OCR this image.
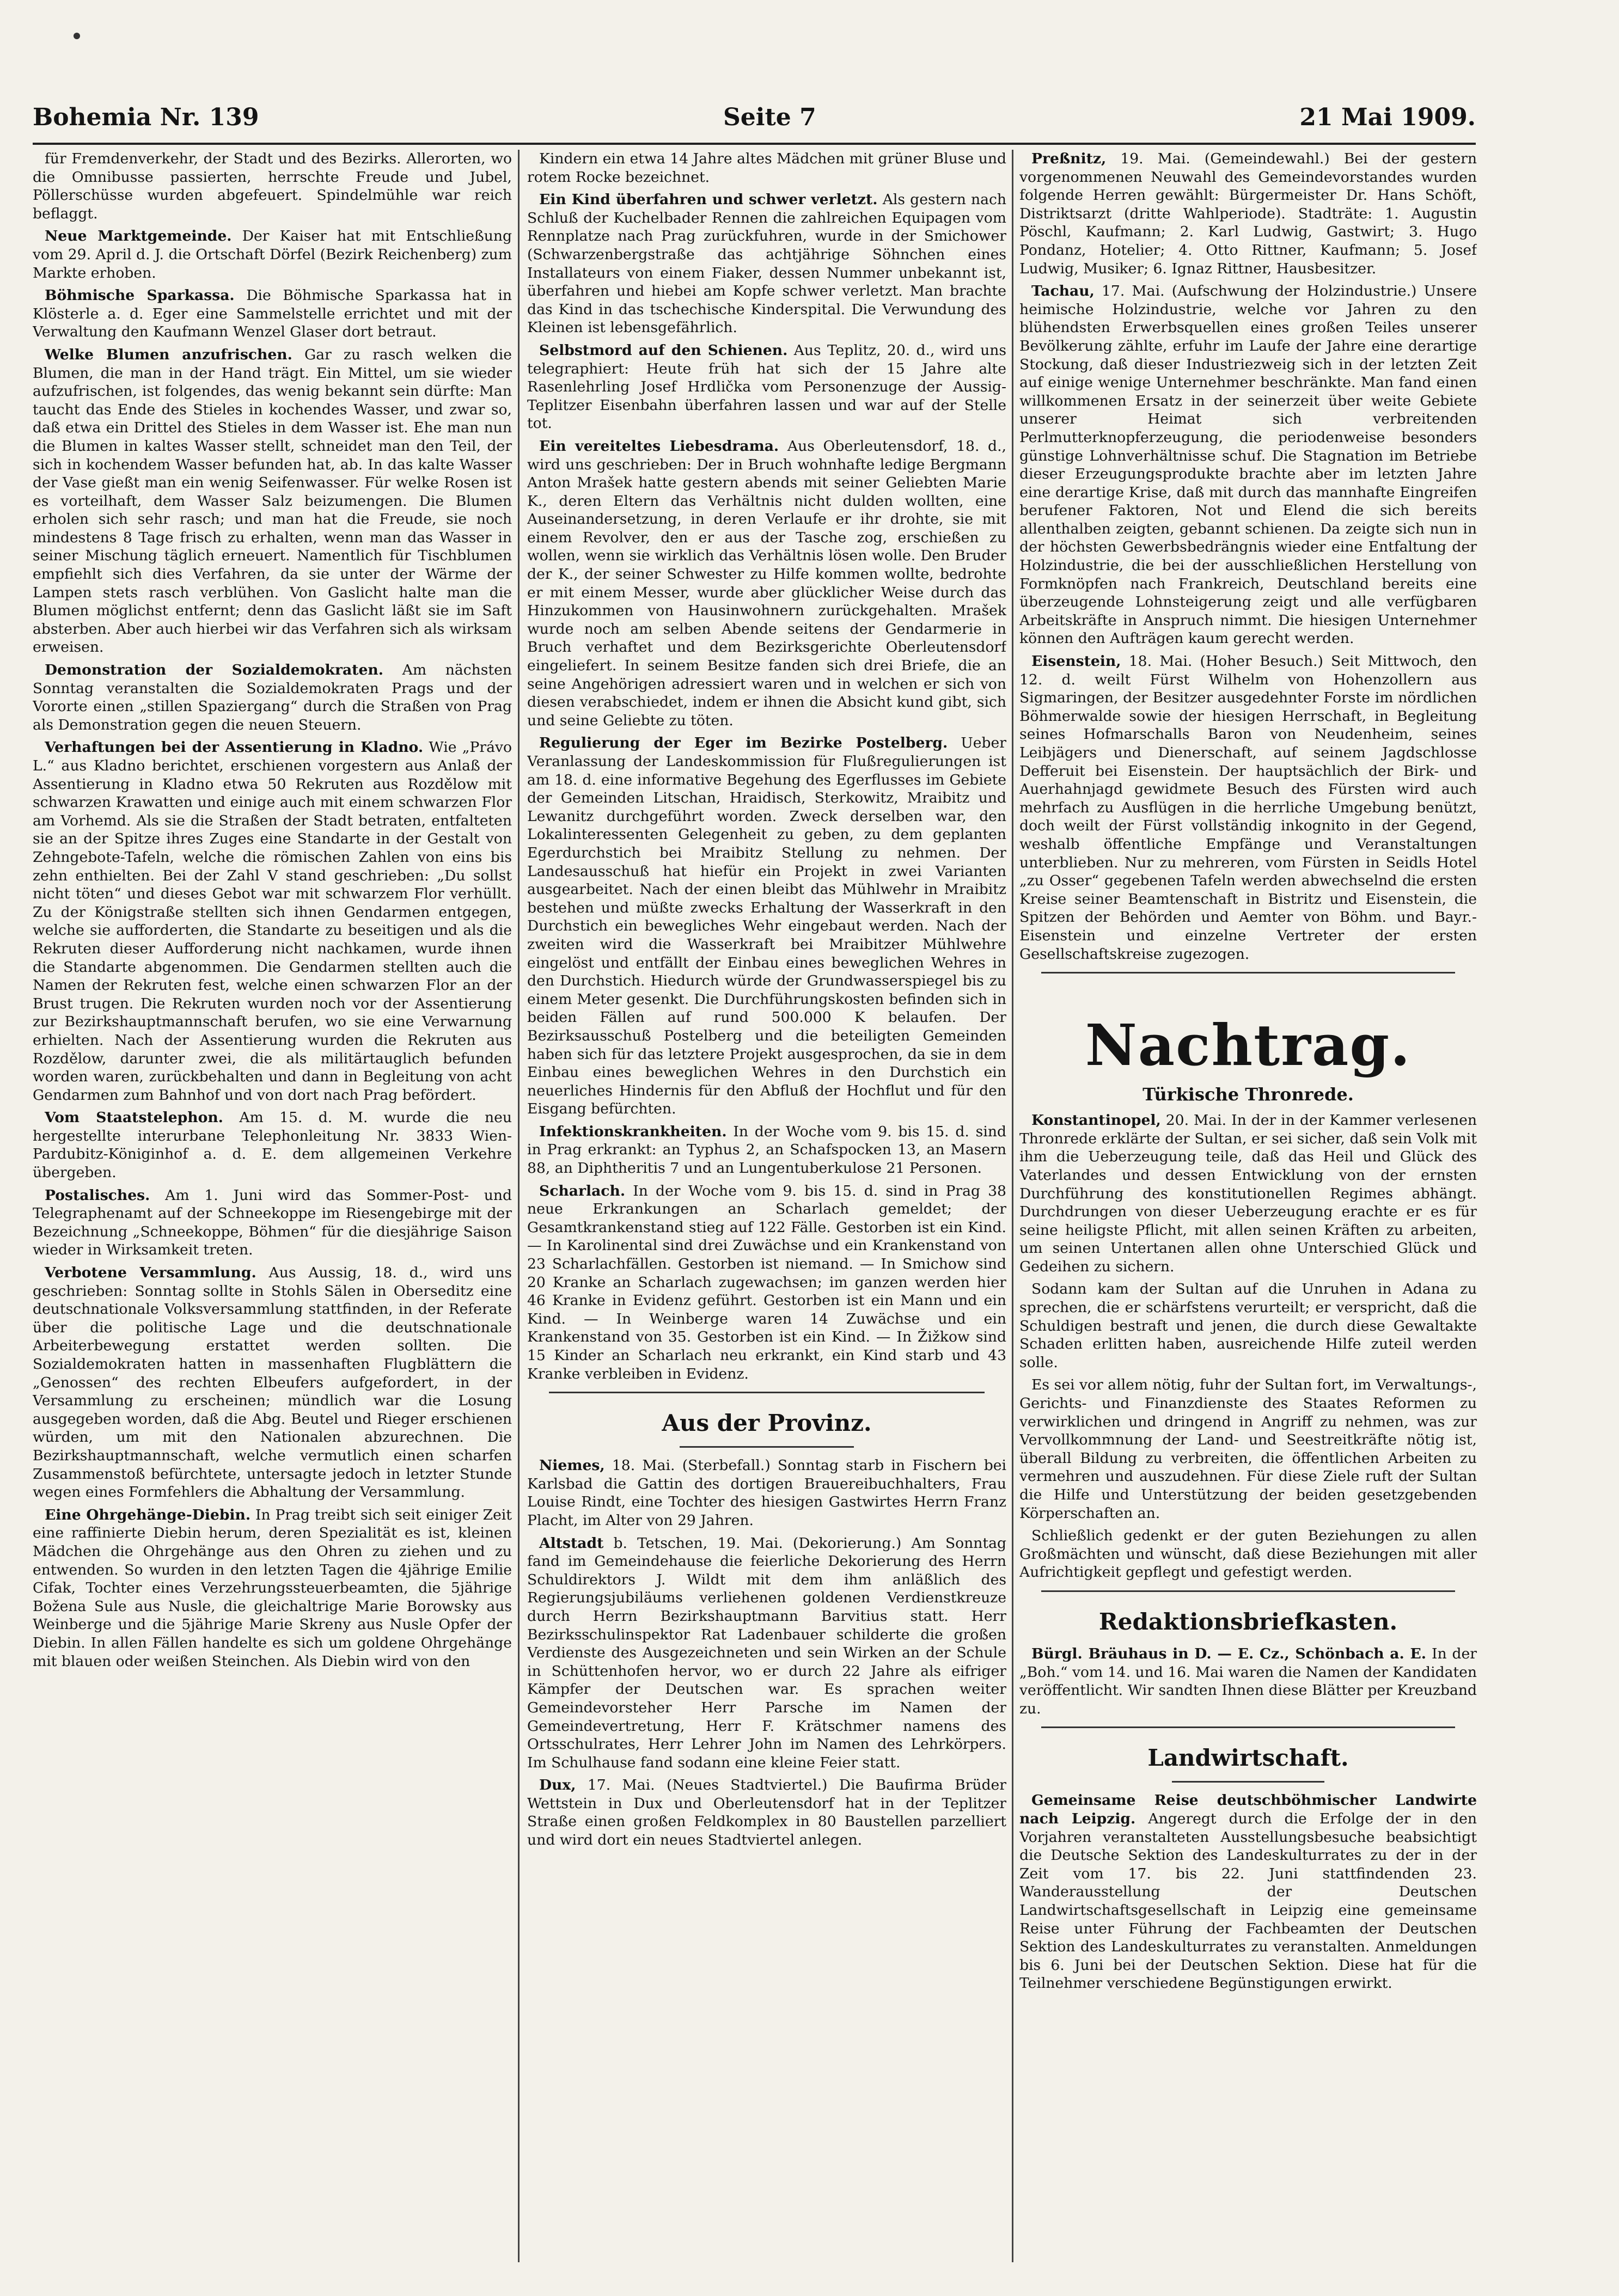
Bohemia Nr. 139	Seite 7	21 Mai 1909.

für Fremdenverkehr, der Stadt und des Bezirks. Allerorten, wo die Omnibusse passierten, herrschte Freude und Jubel, Pöllerschüsse wurden abgefeuert. Spindelmühle war reich beflaggt.

Neue Marktgemeinde. Der Kaiser hat mit Entschließung vom 29. April d. J. die Ortschaft Dörfel (Bezirk Reichenberg) zum Markte erhoben.

Böhmische Sparkassa. Die Böhmische Sparkassa hat in Klösterle a. d. Eger eine Sammelstelle errichtet und mit der Verwaltung den Kaufmann Wenzel Glaser dort betraut.

Welke Blumen anzufrischen. Gar zu rasch welken die Blumen, die man in der Hand trägt. Ein Mittel, um sie wieder aufzufrischen, ist folgendes, das wenig bekannt sein dürfte: Man taucht das Ende des Stieles in kochendes Wasser, und zwar so, daß etwa ein Drittel des Stieles in dem Wasser ist. Ehe man nun die Blumen in kaltes Wasser stellt, schneidet man den Teil, der sich in kochendem Wasser befunden hat, ab. In das kalte Wasser der Vase gießt man ein wenig Seifenwasser. Für welke Rosen ist es vorteilhaft, dem Wasser Salz beizumengen. Die Blumen erholen sich sehr rasch; und man hat die Freude, sie noch mindestens 8 Tage frisch zu erhalten, wenn man das Wasser in seiner Mischung täglich erneuert. Namentlich für Tischblumen empfiehlt sich dies Verfahren, da sie unter der Wärme der Lampen stets rasch verblühen. Von Gaslicht halte man die Blumen möglichst entfernt; denn das Gaslicht läßt sie im Saft absterben. Aber auch hierbei wir das Verfahren sich als wirksam erweisen.

Demonstration der Sozialdemokraten. Am nächsten Sonntag veranstalten die Sozialdemokraten Prags und der Vororte einen „stillen Spaziergang“ durch die Straßen von Prag als Demonstration gegen die neuen Steuern.

Verhaftungen bei der Assentierung in Kladno. Wie „Právo L.“ aus Kladno berichtet, erschienen vorgestern aus Anlaß der Assentierung in Kladno etwa 50 Rekruten aus Rozdělow mit schwarzen Krawatten und einige auch mit einem schwarzen Flor am Vorhemd. Als sie die Straßen der Stadt betraten, entfalteten sie an der Spitze ihres Zuges eine Standarte in der Gestalt von Zehngebote-Tafeln, welche die römischen Zahlen von eins bis zehn enthielten. Bei der Zahl V stand geschrieben: „Du sollst nicht töten“ und dieses Gebot war mit schwarzem Flor verhüllt. Zu der Königstraße stellten sich ihnen Gendarmen entgegen, welche sie aufforderten, die Standarte zu beseitigen und als die Rekruten dieser Aufforderung nicht nachkamen, wurde ihnen die Standarte abgenommen. Die Gendarmen stellten auch die Namen der Rekruten fest, welche einen schwarzen Flor an der Brust trugen. Die Rekruten wurden noch vor der Assentierung zur Bezirkshauptmannschaft berufen, wo sie eine Verwarnung erhielten. Nach der Assentierung wurden die Rekruten aus Rozdělow, darunter zwei, die als militärtauglich befunden worden waren, zurückbehalten und dann in Begleitung von acht Gendarmen zum Bahnhof und von dort nach Prag befördert.

Vom Staatstelephon. Am 15. d. M. wurde die neu hergestellte interurbane Telephonleitung Nr. 3833 Wien-Pardubitz-Königinhof a. d. E. dem allgemeinen Verkehre übergeben.

Postalisches. Am 1. Juni wird das Sommer-Post- und Telegraphenamt auf der Schneekoppe im Riesengebirge mit der Bezeichnung „Schneekoppe, Böhmen“ für die diesjährige Saison wieder in Wirksamkeit treten.

Verbotene Versammlung. Aus Aussig, 18. d., wird uns geschrieben: Sonntag sollte in Stohls Sälen in Oberseditz eine deutschnationale Volksversammlung stattfinden, in der Referate über die politische Lage und die deutschnationale Arbeiterbewegung erstattet werden sollten. Die Sozialdemokraten hatten in massenhaften Flugblättern die „Genossen“ des rechten Elbeufers aufgefordert, in der Versammlung zu erscheinen; mündlich war die Losung ausgegeben worden, daß die Abg. Beutel und Rieger erschienen würden, um mit den Nationalen abzurechnen. Die Bezirkshauptmannschaft, welche vermutlich einen scharfen Zusammenstoß befürchtete, untersagte jedoch in letzter Stunde wegen eines Formfehlers die Abhaltung der Versammlung.

Eine Ohrgehänge-Diebin. In Prag treibt sich seit einiger Zeit eine raffinierte Diebin herum, deren Spezialität es ist, kleinen Mädchen die Ohrgehänge aus den Ohren zu ziehen und zu entwenden. So wurden in den letzten Tagen die 4jährige Emilie Cifak, Tochter eines Verzehrungssteuerbeamten, die 5jährige Božena Sule aus Nusle, die gleichaltrige Marie Borowsky aus Weinberge und die 5jährige Marie Skreny aus Nusle Opfer der Diebin. In allen Fällen handelte es sich um goldene Ohrgehänge mit blauen oder weißen Steinchen. Als Diebin wird von den

Kindern ein etwa 14 Jahre altes Mädchen mit grüner Bluse und rotem Rocke bezeichnet.

Ein Kind überfahren und schwer verletzt. Als gestern nach Schluß der Kuchelbader Rennen die zahlreichen Equipagen vom Rennplatze nach Prag zurückfuhren, wurde in der Smichower (Schwarzenbergstraße das achtjährige Söhnchen eines Installateurs von einem Fiaker, dessen Nummer unbekannt ist, überfahren und hiebei am Kopfe schwer verletzt. Man brachte das Kind in das tschechische Kinderspital. Die Verwundung des Kleinen ist lebensgefährlich.

Selbstmord auf den Schienen. Aus Teplitz, 20. d., wird uns telegraphiert: Heute früh hat sich der 15 Jahre alte Rasenlehrling Josef Hrdlička vom Personenzuge der Aussig-Teplitzer Eisenbahn überfahren lassen und war auf der Stelle tot.

Ein vereiteltes Liebesdrama. Aus Oberleutensdorf, 18. d., wird uns geschrieben: Der in Bruch wohnhafte ledige Bergmann Anton Mrašek hatte gestern abends mit seiner Geliebten Marie K., deren Eltern das Verhältnis nicht dulden wollten, eine Auseinandersetzung, in deren Verlaufe er ihr drohte, sie mit einem Revolver, den er aus der Tasche zog, erschießen zu wollen, wenn sie wirklich das Verhältnis lösen wolle. Den Bruder der K., der seiner Schwester zu Hilfe kommen wollte, bedrohte er mit einem Messer, wurde aber glücklicher Weise durch das Hinzukommen von Hausinwohnern zurückgehalten. Mrašek wurde noch am selben Abende seitens der Gendarmerie in Bruch verhaftet und dem Bezirksgerichte Oberleutensdorf eingeliefert. In seinem Besitze fanden sich drei Briefe, die an seine Angehörigen adressiert waren und in welchen er sich von diesen verabschiedet, indem er ihnen die Absicht kund gibt, sich und seine Geliebte zu töten.

Regulierung der Eger im Bezirke Postelberg. Ueber Veranlassung der Landeskommission für Flußregulierungen ist am 18. d. eine informative Begehung des Egerflusses im Gebiete der Gemeinden Litschan, Hraidisch, Sterkowitz, Mraibitz und Lewanitz durchgeführt worden. Zweck derselben war, den Lokalinteressenten Gelegenheit zu geben, zu dem geplanten Egerdurchstich bei Mraibitz Stellung zu nehmen. Der Landesausschuß hat hiefür ein Projekt in zwei Varianten ausgearbeitet. Nach der einen bleibt das Mühlwehr in Mraibitz bestehen und müßte zwecks Erhaltung der Wasserkraft in den Durchstich ein bewegliches Wehr eingebaut werden. Nach der zweiten wird die Wasserkraft bei Mraibitzer Mühlwehre eingelöst und entfällt der Einbau eines beweglichen Wehres in den Durchstich. Hiedurch würde der Grundwasserspiegel bis zu einem Meter gesenkt. Die Durchführungskosten befinden sich in beiden Fällen auf rund 500.000 K belaufen. Der Bezirksausschuß Postelberg und die beteiligten Gemeinden haben sich für das letztere Projekt ausgesprochen, da sie in dem Einbau eines beweglichen Wehres in den Durchstich ein neuerliches Hindernis für den Abfluß der Hochflut und für den Eisgang befürchten.

Infektionskrankheiten. In der Woche vom 9. bis 15. d. sind in Prag erkrankt: an Typhus 2, an Schafspocken 13, an Masern 88, an Diphtheritis 7 und an Lungentuberkulose 21 Personen.

Scharlach. In der Woche vom 9. bis 15. d. sind in Prag 38 neue Erkrankungen an Scharlach gemeldet; der Gesamtkrankenstand stieg auf 122 Fälle. Gestorben ist ein Kind. — In Karolinental sind drei Zuwächse und ein Krankenstand von 23 Scharlachfällen. Gestorben ist niemand. — In Smichow sind 20 Kranke an Scharlach zugewachsen; im ganzen werden hier 46 Kranke in Evidenz geführt. Gestorben ist ein Mann und ein Kind. — In Weinberge waren 14 Zuwächse und ein Krankenstand von 35. Gestorben ist ein Kind. — In Žižkow sind 15 Kinder an Scharlach neu erkrankt, ein Kind starb und 43 Kranke verbleiben in Evidenz.

Aus der Provinz.

Niemes, 18. Mai. (Sterbefall.) Sonntag starb in Fischern bei Karlsbad die Gattin des dortigen Brauereibuchhalters, Frau Louise Rindt, eine Tochter des hiesigen Gastwirtes Herrn Franz Placht, im Alter von 29 Jahren.

Altstadt b. Tetschen, 19. Mai. (Dekorierung.) Am Sonntag fand im Gemeindehause die feierliche Dekorierung des Herrn Schuldirektors J. Wildt mit dem ihm anläßlich des Regierungsjubiläums verliehenen goldenen Verdienstkreuze durch Herrn Bezirkshauptmann Barvitius statt. Herr Bezirksschulinspektor Rat Ladenbauer schilderte die großen Verdienste des Ausgezeichneten und sein Wirken an der Schule in Schüttenhofen hervor, wo er durch 22 Jahre als eifriger Kämpfer der Deutschen war. Es sprachen weiter Gemeindevorsteher Herr Parsche im Namen der Gemeindevertretung, Herr F. Krätschmer namens des Ortsschulrates, Herr Lehrer John im Namen des Lehrkörpers. Im Schulhause fand sodann eine kleine Feier statt.

Dux, 17. Mai. (Neues Stadtviertel.) Die Baufirma Brüder Wettstein in Dux und Oberleutensdorf hat in der Teplitzer Straße einen großen Feldkomplex in 80 Baustellen parzelliert und wird dort ein neues Stadtviertel anlegen.

Preßnitz, 19. Mai. (Gemeindewahl.) Bei der gestern vorgenommenen Neuwahl des Gemeindevorstandes wurden folgende Herren gewählt: Bürgermeister Dr. Hans Schöft, Distriktsarzt (dritte Wahlperiode). Stadträte: 1. Augustin Pöschl, Kaufmann; 2. Karl Ludwig, Gastwirt; 3. Hugo Pondanz, Hotelier; 4. Otto Rittner, Kaufmann; 5. Josef Ludwig, Musiker; 6. Ignaz Rittner, Hausbesitzer.

Tachau, 17. Mai. (Aufschwung der Holzindustrie.) Unsere heimische Holzindustrie, welche vor Jahren zu den blühendsten Erwerbsquellen eines großen Teiles unserer Bevölkerung zählte, erfuhr im Laufe der Jahre eine derartige Stockung, daß dieser Industriezweig sich in der letzten Zeit auf einige wenige Unternehmer beschränkte. Man fand einen willkommenen Ersatz in der seinerzeit über weite Gebiete unserer Heimat sich verbreitenden Perlmutterknopferzeugung, die periodenweise besonders günstige Lohnverhältnisse schuf. Die Stagnation im Betriebe dieser Erzeugungsprodukte brachte aber im letzten Jahre eine derartige Krise, daß mit durch das mannhafte Eingreifen berufener Faktoren, Not und Elend die sich bereits allenthalben zeigten, gebannt schienen. Da zeigte sich nun in der höchsten Gewerbsbedrängnis wieder eine Entfaltung der Holzindustrie, die bei der ausschließlichen Herstellung von Formknöpfen nach Frankreich, Deutschland bereits eine überzeugende Lohnsteigerung zeigt und alle verfügbaren Arbeitskräfte in Anspruch nimmt. Die hiesigen Unternehmer können den Aufträgen kaum gerecht werden.

Eisenstein, 18. Mai. (Hoher Besuch.) Seit Mittwoch, den 12. d. weilt Fürst Wilhelm von Hohenzollern aus Sigmaringen, der Besitzer ausgedehnter Forste im nördlichen Böhmerwalde sowie der hiesigen Herrschaft, in Begleitung seines Hofmarschalls Baron von Neudenheim, seines Leibjägers und Dienerschaft, auf seinem Jagdschlosse Defferuit bei Eisenstein. Der hauptsächlich der Birk- und Auerhahnjagd gewidmete Besuch des Fürsten wird auch mehrfach zu Ausflügen in die herrliche Umgebung benützt, doch weilt der Fürst vollständig inkognito in der Gegend, weshalb öffentliche Empfänge und Veranstaltungen unterblieben. Nur zu mehreren, vom Fürsten in Seidls Hotel „zu Osser“ gegebenen Tafeln werden abwechselnd die ersten Kreise seiner Beamtenschaft in Bistritz und Eisenstein, die Spitzen der Behörden und Aemter von Böhm. und Bayr.-Eisenstein und einzelne Vertreter der ersten Gesellschaftskreise zugezogen.

Nachtrag.
Türkische Thronrede.

Konstantinopel, 20. Mai. In der in der Kammer verlesenen Thronrede erklärte der Sultan, er sei sicher, daß sein Volk mit ihm die Ueberzeugung teile, daß das Heil und Glück des Vaterlandes und dessen Entwicklung von der ernsten Durchführung des konstitutionellen Regimes abhängt. Durchdrungen von dieser Ueberzeugung erachte er es für seine heiligste Pflicht, mit allen seinen Kräften zu arbeiten, um seinen Untertanen allen ohne Unterschied Glück und Gedeihen zu sichern.

Sodann kam der Sultan auf die Unruhen in Adana zu sprechen, die er schärfstens verurteilt; er verspricht, daß die Schuldigen bestraft und jenen, die durch diese Gewaltakte Schaden erlitten haben, ausreichende Hilfe zuteil werden solle.

Es sei vor allem nötig, fuhr der Sultan fort, im Verwaltungs-, Gerichts- und Finanzdienste des Staates Reformen zu verwirklichen und dringend in Angriff zu nehmen, was zur Vervollkommnung der Land- und Seestreitkräfte nötig ist, überall Bildung zu verbreiten, die öffentlichen Arbeiten zu vermehren und auszudehnen. Für diese Ziele ruft der Sultan die Hilfe und Unterstützung der beiden gesetzgebenden Körperschaften an.

Schließlich gedenkt er der guten Beziehungen zu allen Großmächten und wünscht, daß diese Beziehungen mit aller Aufrichtigkeit gepflegt und gefestigt werden.

Redaktionsbriefkasten.

Bürgl. Bräuhaus in D. — E. Cz., Schönbach a. E. In der „Boh.“ vom 14. und 16. Mai waren die Namen der Kandidaten veröffentlicht. Wir sandten Ihnen diese Blätter per Kreuzband zu.

Landwirtschaft.

Gemeinsame Reise deutschböhmischer Landwirte nach Leipzig. Angeregt durch die Erfolge der in den Vorjahren veranstalteten Ausstellungsbesuche beabsichtigt die Deutsche Sektion des Landeskulturrates zu der in der Zeit vom 17. bis 22. Juni stattfindenden 23. Wanderausstellung der Deutschen Landwirtschaftsgesellschaft in Leipzig eine gemeinsame Reise unter Führung der Fachbeamten der Deutschen Sektion des Landeskulturrates zu veranstalten. Anmeldungen bis 6. Juni bei der Deutschen Sektion. Diese hat für die Teilnehmer verschiedene Begünstigungen erwirkt.
